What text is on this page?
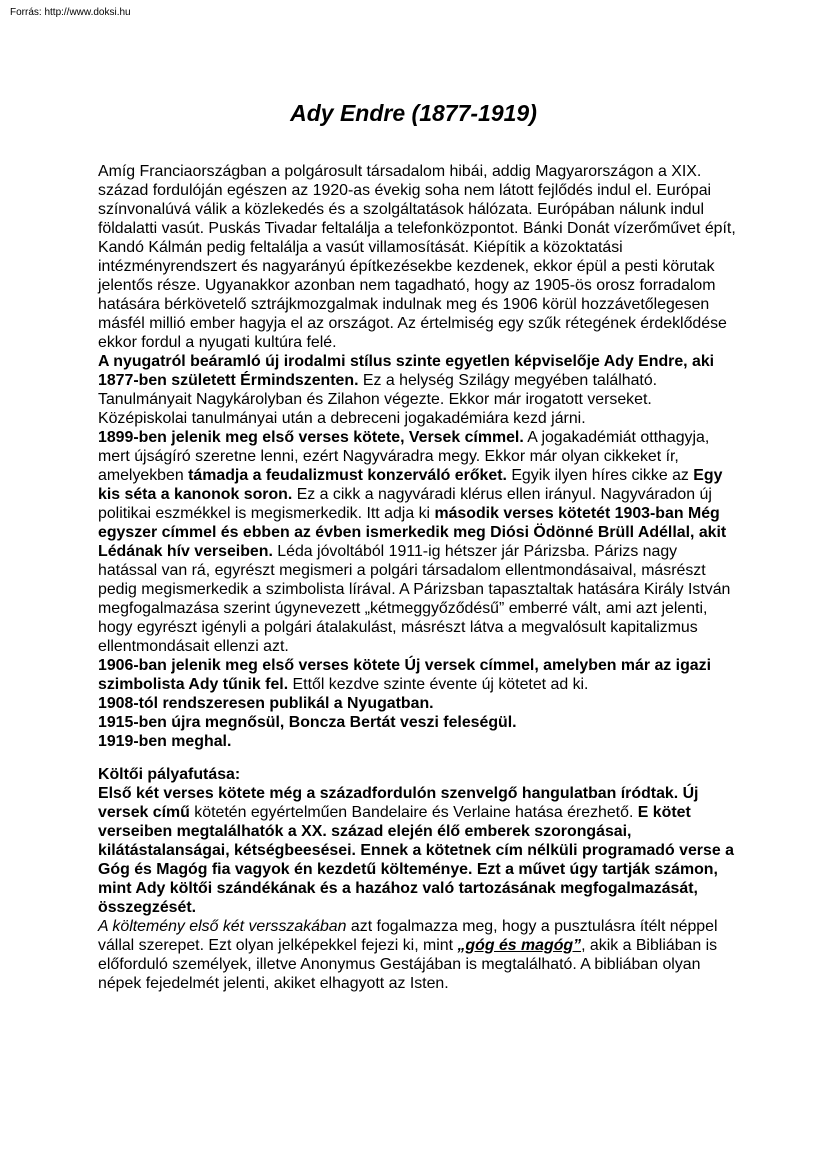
Forrás: http://www.doksi.hu
Ady Endre (1877-1919)

Amíg Franciaországban a polgárosult társadalom hibái, addig Magyarországon a XIX. század fordulóján egészen az 1920-as évekig soha nem látott fejlődés indul el. Európai színvonalúvá válik a közlekedés és a szolgáltatások hálózata. Európában nálunk indul földalatti vasút. Puskás Tivadar feltalálja a telefonközpontot. Bánki Donát vízerőművet épít, Kandó Kálmán pedig feltalálja a vasút villamosítását. Kiépítik a közoktatási intézményrendszert és nagyarányú építkezésekbe kezdenek, ekkor épül a pesti körutak jelentős része. Ugyanakkor azonban nem tagadható, hogy az 1905-ös orosz forradalom hatására bérkövetelő sztrájkmozgalmak indulnak meg és 1906 körül hozzávetőlegesen másfél millió ember hagyja el az országot. Az értelmiség egy szűk rétegének érdeklődése ekkor fordul a nyugati kultúra felé.

A nyugatról beáramló új irodalmi stílus szinte egyetlen képviselője Ady Endre, aki 1877-ben született Érmindszenten. Ez a helység Szilágy megyében található. Tanulmányait Nagykárolyban és Zilahon végezte. Ekkor már irogatott verseket. Középiskolai tanulmányai után a debreceni jogakadémiára kezd járni.

1899-ben jelenik meg első verses kötete, Versek címmel. A jogakadémiát otthagyja, mert újságíró szeretne lenni, ezért Nagyváradra megy. Ekkor már olyan cikkeket ír, amelyekben támadja a feudalizmust konzerváló erőket. Egyik ilyen híres cikke az Egy kis séta a kanonok soron. Ez a cikk a nagyváradi klérus ellen irányul. Nagyváradon új politikai eszmékkel is megismerkedik. Itt adja ki második verses kötetét 1903-ban Még egyszer címmel és ebben az évben ismerkedik meg Diósi Ödönné Brüll Adéllal, akit Lédának hív verseiben. Léda jóvoltából 1911-ig hétszer jár Párizsba. Párizs nagy hatással van rá, egyrészt megismeri a polgári társadalom ellentmondásaival, másrészt pedig megismerkedik a szimbolista lírával. A Párizsban tapasztaltak hatására Király István megfogalmazása szerint úgynevezett „kétmeggyőződésű” emberré vált, ami azt jelenti, hogy egyrészt igényli a polgári átalakulást, másrészt látva a megvalósult kapitalizmus ellentmondásait ellenzi azt.

1906-ban jelenik meg első verses kötete Új versek címmel, amelyben már az igazi szimbolista Ady tűnik fel. Ettől kezdve szinte évente új kötetet ad ki.

1908-tól rendszeresen publikál a Nyugatban.

1915-ben újra megnősül, Boncza Bertát veszi feleségül.

1919-ben meghal.

Költői pályafutása:

Első két verses kötete még a századfordulón szenvelgő hangulatban íródtak. Új versek című kötetén egyértelműen Bandelaire és Verlaine hatása érezhető. E kötet verseiben megtalálhatók a XX. század elején élő emberek szorongásai, kilátástalanságai, kétségbeesései. Ennek a kötetnek cím nélküli programadó verse a Góg és Magóg fia vagyok én kezdetű költeménye. Ezt a művet úgy tartják számon, mint Ady költői szándékának és a hazához való tartozásának megfogalmazását, összegzését.

A költemény első két versszakában azt fogalmazza meg, hogy a pusztulásra ítélt néppel vállal szerepet. Ezt olyan jelképekkel fejezi ki, mint „góg és magóg”, akik a Bibliában is előforduló személyek, illetve Anonymus Gestájában is megtalálható. A bibliában olyan népek fejedelmét jelenti, akiket elhagyott az Isten.
